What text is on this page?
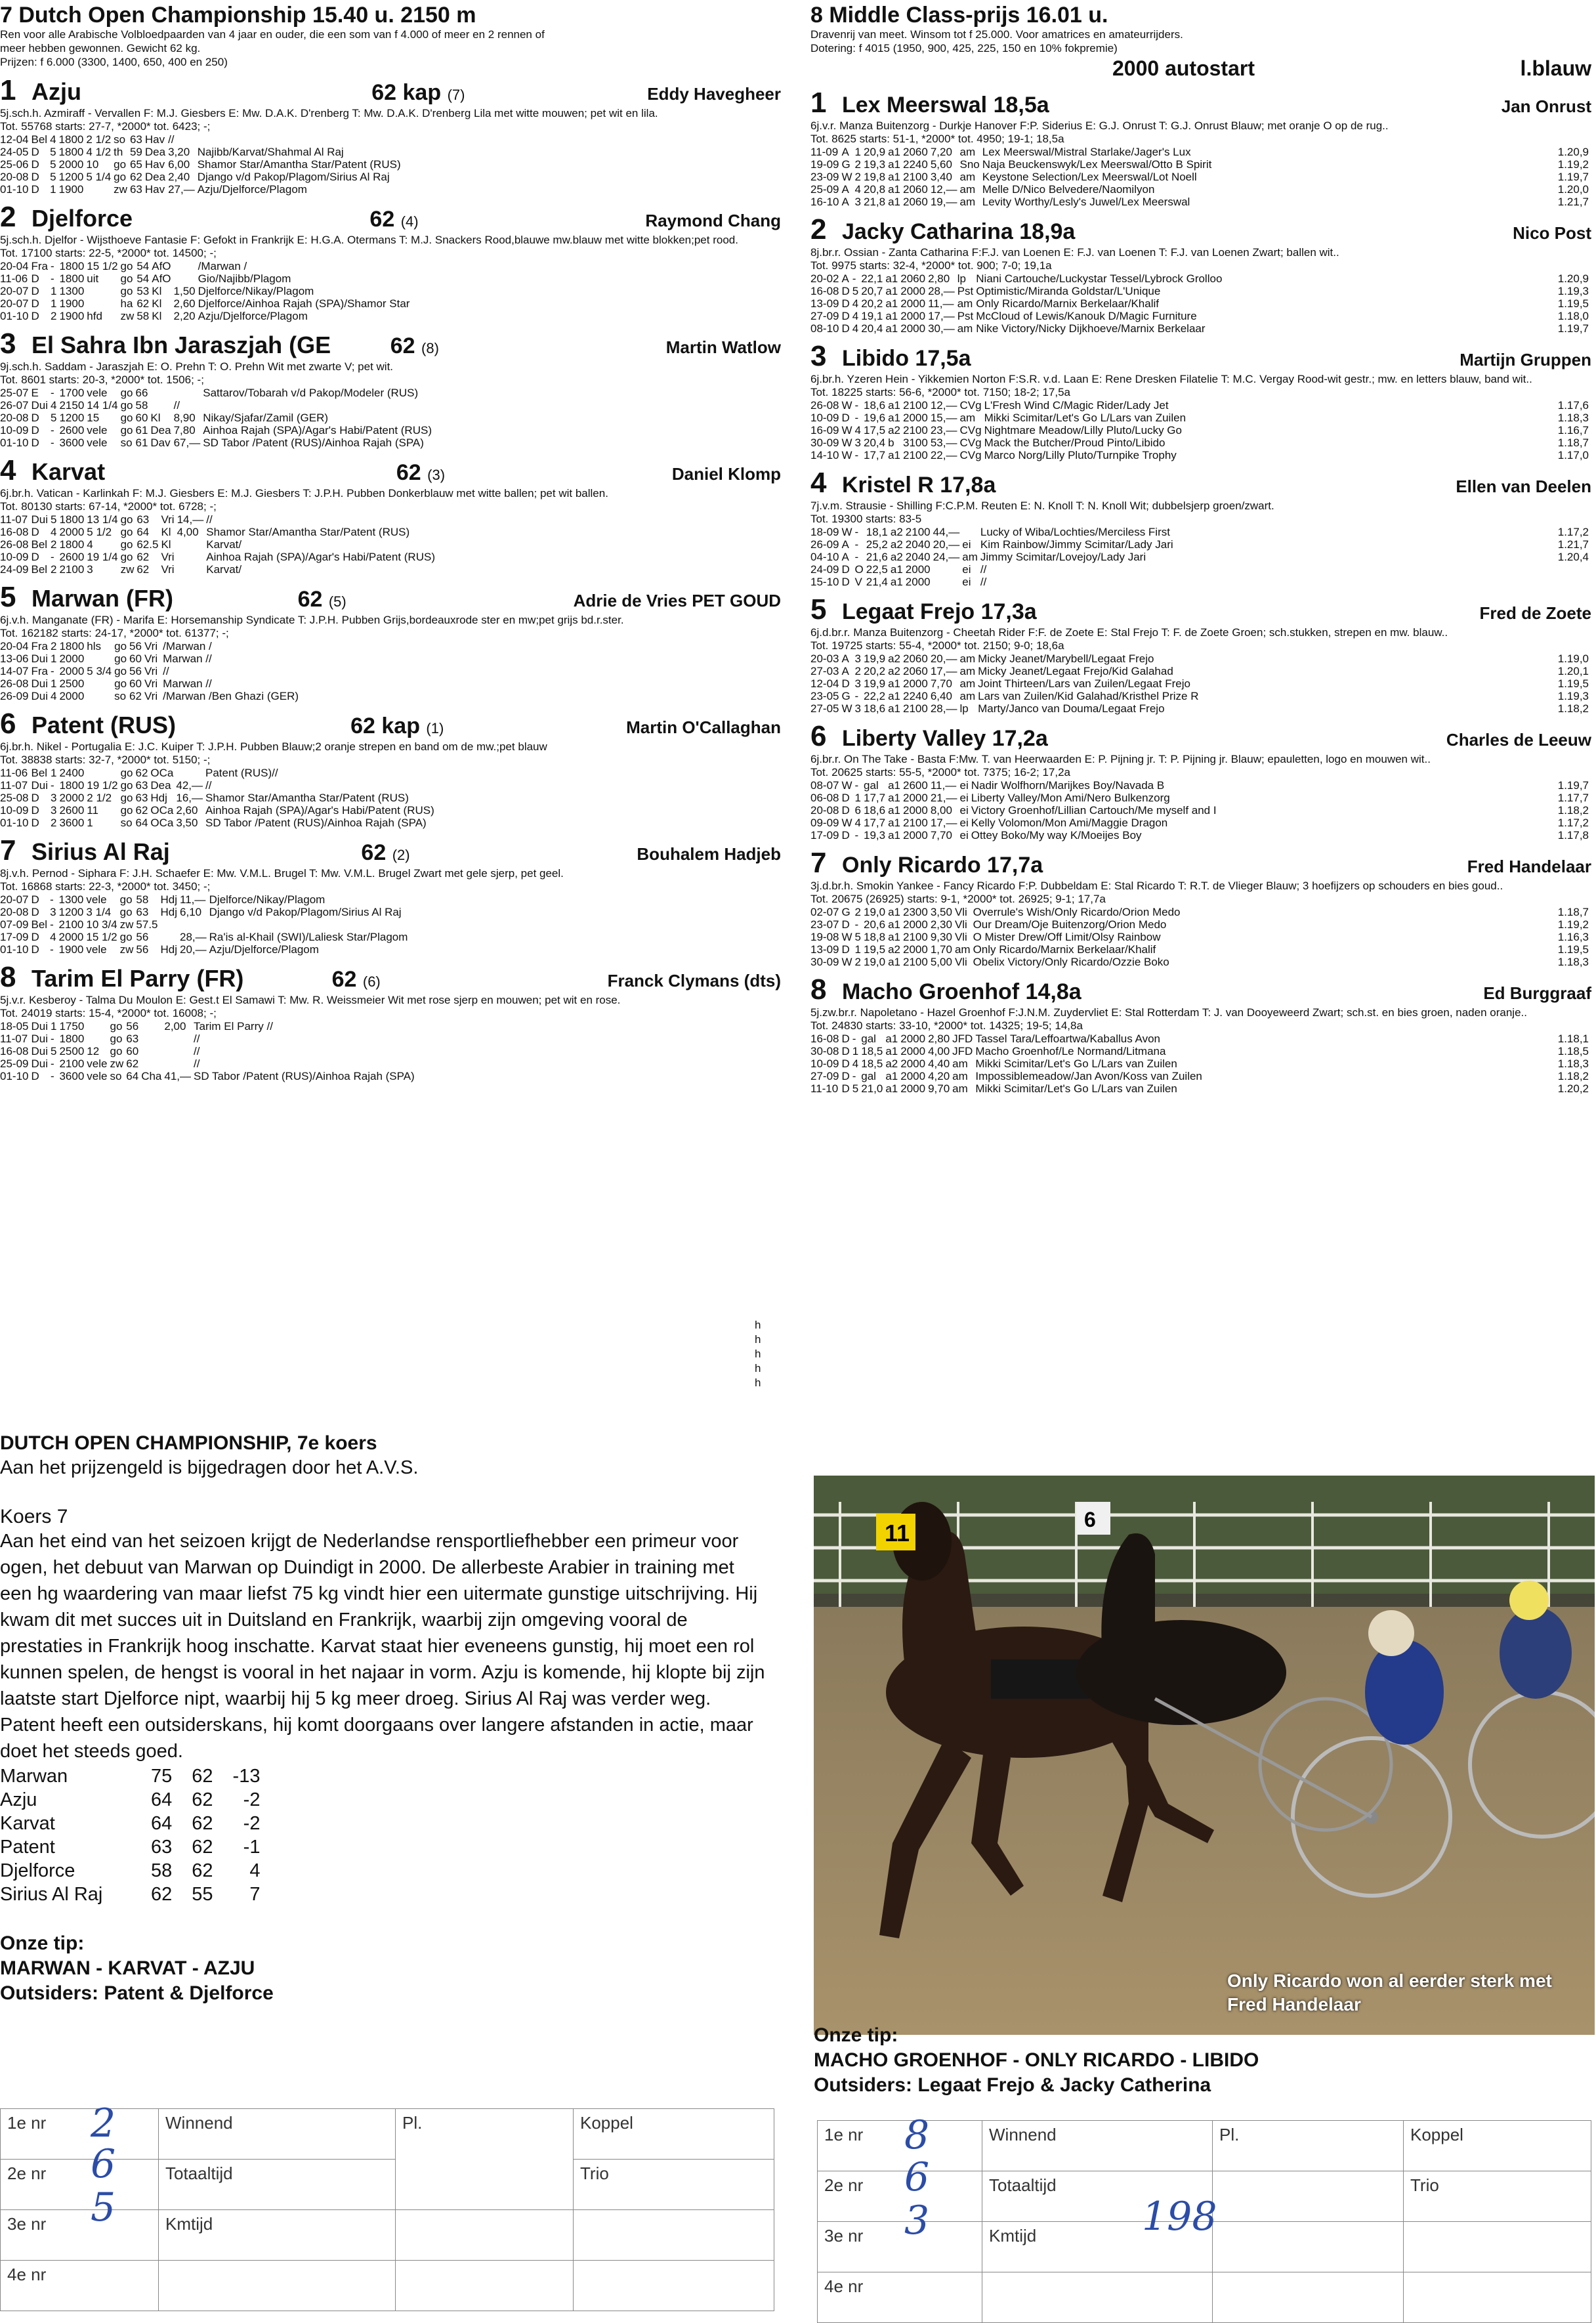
7 Dutch Open Championship 15.40 u. 2150 m
Ren voor alle Arabische Volbloedpaarden van 4 jaar en ouder, die een som van f 4.000 of meer en 2 rennen of
meer hebben gewonnen. Gewicht 62 kg.
Prijzen: f 6.000 (3300, 1400, 650, 400 en 250)
1 Azju	62 kap (7)	Eddy Havegheer
5j.sch.h. Azmiraff - Vervallen F: M.J. Giesbers E: Mw. D.A.K. D'renberg T: Mw. D.A.K. D'renberg Lila met witte mouwen; pet wit en lila.
Tot. 55768 starts: 27-7, *2000* tot. 6423; -;
12-04	Bel	4	1800	2 1/2	so	63	Hav	//	
24-05	D	5	1800	4 1/2	th	59	Dea	3,20	Najibb/Karvat/Shahmal Al Raj
25-06	D	5	2000	10	go	65	Hav	6,00	Shamor Star/Amantha Star/Patent (RUS)
20-08	D	5	1200	5 1/4	go	62	Dea	2,40	Django v/d Pakop/Plagom/Sirius Al Raj
01-10	D	1	1900		zw	63	Hav	27,—	Azju/Djelforce/Plagom
2 Djelforce	62 (4)	Raymond Chang
5j.sch.h. Djelfor - Wijsthoeve Fantasie F: Gefokt in Frankrijk E: H.G.A. Otermans T: M.J. Snackers Rood,blauwe mw.blauw met witte blokken;pet rood.
Tot. 17100 starts: 22-5, *2000* tot. 14500; -;
20-04	Fra	-	1800	15 1/2	go	54	AfO		/Marwan /
11-06	D	-	1800	uit	go	54	AfO		Gio/Najibb/Plagom
20-07	D	1	1300		go	53	Kl	1,50	Djelforce/Nikay/Plagom
20-07	D	1	1900		ha	62	Kl	2,60	Djelforce/Ainhoa Rajah (SPA)/Shamor Star
01-10	D	2	1900	hfd	zw	58	Kl	2,20	Azju/Djelforce/Plagom
3 El Sahra Ibn Jaraszjah (GE	62 (8)	Martin Watlow
9j.sch.h. Saddam - Jaraszjah E: O. Prehn T: O. Prehn Wit met zwarte V; pet wit.
Tot. 8601 starts: 20-3, *2000* tot. 1506; -;
25-07	E	-	1700	vele	go	66			Sattarov/Tobarah v/d Pakop/Modeler (RUS)
26-07	Dui	4	2150	14 1/4	go	58		//	
20-08	D	5	1200	15	go	60	Kl	8,90	Nikay/Sjafar/Zamil (GER)
10-09	D	-	2600	vele	go	61	Dea	7,80	Ainhoa Rajah (SPA)/Agar's Habi/Patent (RUS)
01-10	D	-	3600	vele	so	61	Dav	67,—	SD Tabor /Patent (RUS)/Ainhoa Rajah (SPA)
4 Karvat	62 (3)	Daniel Klomp
6j.br.h. Vatican - Karlinkah F: M.J. Giesbers E: M.J. Giesbers T: J.P.H. Pubben Donkerblauw met witte ballen; pet wit ballen.
Tot. 80130 starts: 67-14, *2000* tot. 6728; -;
11-07	Dui	5	1800	13 1/4	go	63	Vri	14,—	//
16-08	D	4	2000	5 1/2	go	64	Kl	4,00	Shamor Star/Amantha Star/Patent (RUS)
26-08	Bel	2	1800	4	go	62.5	Kl		Karvat/
10-09	D	-	2600	19 1/4	go	62	Vri		Ainhoa Rajah (SPA)/Agar's Habi/Patent (RUS)
24-09	Bel	2	2100	3	zw	62	Vri		Karvat/
5 Marwan (FR)	62 (5)	Adrie de Vries PET GOUD
6j.v.h. Manganate (FR) - Marifa E: Horsemanship Syndicate T: J.P.H. Pubben Grijs,bordeauxrode ster en mw;pet grijs bd.r.ster.
Tot. 162182 starts: 24-17, *2000* tot. 61377; -;
20-04	Fra	2	1800	hls	go	56	Vri		/Marwan /
13-06	Dui	1	2000		go	60	Vri		Marwan //
14-07	Fra	-	2000	5 3/4	go	56	Vri		//
26-08	Dui	1	2500		go	60	Vri		Marwan //
26-09	Dui	4	2000		so	62	Vri		/Marwan /Ben Ghazi (GER)
6 Patent (RUS)	62 kap (1)	Martin O'Callaghan
6j.br.h. Nikel - Portugalia E: J.C. Kuiper T: J.P.H. Pubben Blauw;2 oranje strepen en band om de mw.;pet blauw
Tot. 38838 starts: 32-7, *2000* tot. 5150; -;
11-06	Bel	1	2400		go	62	OCa		Patent (RUS)//
11-07	Dui	-	1800	19 1/2	go	63	Dea	42,—	//
25-08	D	3	2000	2 1/2	go	63	Hdj	16,—	Shamor Star/Amantha Star/Patent (RUS)
10-09	D	3	2600	11	go	62	OCa	2,60	Ainhoa Rajah (SPA)/Agar's Habi/Patent (RUS)
01-10	D	2	3600	1	so	64	OCa	3,50	SD Tabor /Patent (RUS)/Ainhoa Rajah (SPA)
7 Sirius Al Raj	62 (2)	Bouhalem Hadjeb
8j.v.h. Pernod - Siphara F: J.H. Schaefer E: Mw. V.M.L. Brugel T: Mw. V.M.L. Brugel Zwart met gele sjerp, pet geel.
Tot. 16868 starts: 22-3, *2000* tot. 3450; -;
20-07	D	-	1300	vele	go	58	Hdj	11,—	Djelforce/Nikay/Plagom
20-08	D	3	1200	3 1/4	go	63	Hdj	6,10	Django v/d Pakop/Plagom/Sirius Al Raj
07-09	Bel	-	2100	10 3/4	zw	57.5			
17-09	D	4	2000	15 1/2	go	56		28,—	Ra'is al-Khail (SWI)/Laliesk Star/Plagom
01-10	D	-	1900	vele	zw	56	Hdj	20,—	Azju/Djelforce/Plagom
8 Tarim El Parry (FR)	62 (6)	Franck Clymans (dts)
5j.v.r. Kesberoy - Talma Du Moulon E: Gest.t El Samawi T: Mw. R. Weissmeier Wit met rose sjerp en mouwen; pet wit en rose.
Tot. 24019 starts: 15-4, *2000* tot. 16008; -;
18-05	Dui	1	1750		go	56		2,00	Tarim El Parry //
11-07	Dui	-	1800		go	63			//
16-08	Dui	5	2500	12	go	60			//
25-09	Dui	-	2100	vele	zw	62			//
01-10	D	-	3600	vele	so	64	Cha	41,—	SD Tabor /Patent (RUS)/Ainhoa Rajah (SPA)
h
h
h
h
h
DUTCH OPEN CHAMPIONSHIP, 7e koers
Aan het prijzengeld is bijgedragen door het A.V.S.
Koers 7
Aan het eind van het seizoen krijgt de Nederlandse rensportliefhebber een primeur voor ogen, het debuut van Marwan op Duindigt in 2000. De allerbeste Arabier in training met een hg waardering van maar liefst 75 kg vindt hier een uitermate gunstige uitschrijving. Hij kwam dit met succes uit in Duitsland en Frankrijk, waarbij zijn omgeving vooral de prestaties in Frankrijk hoog inschatte. Karvat staat hier eveneens gunstig, hij moet een rol kunnen spelen, de hengst is vooral in het najaar in vorm. Azju is komende, hij klopte bij zijn laatste start Djelforce nipt, waarbij hij 5 kg meer droeg. Sirius Al Raj was verder weg. Patent heeft een outsiderskans, hij komt doorgaans over langere afstanden in actie, maar doet het steeds goed.
Marwan	75	62	-13
Azju	64	62	-2
Karvat	64	62	-2
Patent	63	62	-1
Djelforce	58	62	4
Sirius Al Raj	62	55	7
Onze tip:
MARWAN - KARVAT - AZJU
Outsiders: Patent & Djelforce
1e nr	Winnend	Pl.	Koppel
2e nr	Totaaltijd		Trio
3e nr	Kmtijd		
4e nr			
2
6
5
8 Middle Class-prijs 16.01 u.
Dravenrij van meet. Winsom tot f 25.000. Voor amatrices en amateurrijders.
Dotering: f 4015 (1950, 900, 425, 225, 150 en 10% fokpremie)
2000 autostart	l.blauw
1 Lex Meerswal 18,5a	Jan Onrust
6j.v.r. Manza Buitenzorg - Durkje Hanover F:P. Siderius E: G.J. Onrust T: G.J. Onrust Blauw; met oranje O op de rug..
Tot. 8625 starts: 51-1, *2000* tot. 4950; 19-1; 18,5a
11-09	A	1	20,9	a1	2060	7,20	am	Lex Meerswal/Mistral Starlake/Jager's Lux	1.20,9
19-09	G	2	19,3	a1	2240	5,60	Sno	Naja Beuckenswyk/Lex Meerswal/Otto B Spirit	1.19,2
23-09	W	2	19,8	a1	2100	3,40	am	Keystone Selection/Lex Meerswal/Lot Noell	1.19,7
25-09	A	4	20,8	a1	2060	12,—	am	Melle D/Nico Belvedere/Naomilyon	1.20,0
16-10	A	3	21,8	a1	2060	19,—	am	Levity Worthy/Lesly's Juwel/Lex Meerswal	1.21,7
2 Jacky Catharina 18,9a	Nico Post
8j.br.r. Ossian - Zanta Catharina F:F.J. van Loenen E: F.J. van Loenen T: F.J. van Loenen Zwart; ballen wit..
Tot. 9975 starts: 32-4, *2000* tot. 900; 7-0; 19,1a
20-02	A	-	22,1	a1	2060	2,80	lp	Niani Cartouche/Luckystar Tessel/Lybrock Grolloo	1.20,9
16-08	D	5	20,7	a1	2000	28,—	Pst	Optimistic/Miranda Goldstar/L'Unique	1.19,3
13-09	D	4	20,2	a1	2000	11,—	am	Only Ricardo/Marnix Berkelaar/Khalif	1.19,5
27-09	D	4	19,1	a1	2000	17,—	Pst	McCloud of Lewis/Kanouk D/Magic Furniture	1.18,0
08-10	D	4	20,4	a1	2000	30,—	am	Nike Victory/Nicky Dijkhoeve/Marnix Berkelaar	1.19,7
3 Libido 17,5a	Martijn Gruppen
6j.br.h. Yzeren Hein - Yikkemien Norton F:S.R. v.d. Laan E: Rene Dresken Filatelie T: M.C. Vergay Rood-wit gestr.; mw. en letters blauw, band wit..
Tot. 18225 starts: 56-6, *2000* tot. 7150; 18-2; 17,5a
26-08	W	-	18,6	a1	2100	12,—	CVg	L'Fresh Wind C/Magic Rider/Lady Jet	1.17,6
10-09	D	-	19,6	a1	2000	15,—	am	Mikki Scimitar/Let's Go L/Lars van Zuilen	1.18,3
16-09	W	4	17,5	a2	2100	23,—	CVg	Nightmare Meadow/Lilly Pluto/Lucky Go	1.16,7
30-09	W	3	20,4	b	3100	53,—	CVg	Mack the Butcher/Proud Pinto/Libido	1.18,7
14-10	W	-	17,7	a1	2100	22,—	CVg	Marco Norg/Lilly Pluto/Turnpike Trophy	1.17,0
4 Kristel R 17,8a	Ellen van Deelen
7j.v.m. Strausie - Shilling F:C.P.M. Reuten E: N. Knoll T: N. Knoll Wit; dubbelsjerp groen/zwart.
Tot. 19300 starts: 83-5
18-09	W	-	18,1	a2	2100	44,—		Lucky of Wiba/Lochties/Merciless First	1.17,2
26-09	A	-	25,2	a2	2040	20,—	ei	Kim Rainbow/Jimmy Scimitar/Lady Jari	1.21,7
04-10	A	-	21,6	a2	2040	24,—	am	Jimmy Scimitar/Lovejoy/Lady Jari	1.20,4
24-09	D	O	22,5	a1	2000		ei	//	
15-10	D	V	21,4	a1	2000		ei	//	
5 Legaat Frejo 17,3a	Fred de Zoete
6j.d.br.r. Manza Buitenzorg - Cheetah Rider F:F. de Zoete E: Stal Frejo T: F. de Zoete Groen; sch.stukken, strepen en mw. blauw..
Tot. 19725 starts: 55-4, *2000* tot. 2150; 9-0; 18,6a
20-03	A	3	19,9	a2	2060	20,—	am	Micky Jeanet/Marybell/Legaat Frejo	1.19,0
27-03	A	2	20,2	a2	2060	17,—	am	Micky Jeanet/Legaat Frejo/Kid Galahad	1.20,1
12-04	D	3	19,9	a1	2000	7,70	am	Joint Thirteen/Lars van Zuilen/Legaat Frejo	1.19,5
23-05	G	-	22,2	a1	2240	6,40	am	Lars van Zuilen/Kid Galahad/Kristhel Prize R	1.19,3
27-05	W	3	18,6	a1	2100	28,—	lp	Marty/Janco van Douma/Legaat Frejo	1.18,2
6 Liberty Valley 17,2a	Charles de Leeuw
6j.br.r. On The Take - Basta F:Mw. T. van Heerwaarden E: P. Pijning jr. T: P. Pijning jr. Blauw; epauletten, logo en mouwen wit..
Tot. 20625 starts: 55-5, *2000* tot. 7375; 16-2; 17,2a
08-07	W	-	gal	a1	2600	11,—	ei	Nadir Wolfhorn/Marijkes Boy/Navada B	1.19,7
06-08	D	1	17,7	a1	2000	21,—	ei	Liberty Valley/Mon Ami/Nero Bulkenzorg	1.17,7
20-08	D	6	18,6	a1	2000	8,00	ei	Victory Groenhof/Lillian Cartouch/Me myself and I	1.18,2
09-09	W	4	17,7	a1	2100	17,—	ei	Kelly Volomon/Mon Ami/Maggie Dragon	1.17,2
17-09	D	-	19,3	a1	2000	7,70	ei	Ottey Boko/My way K/Moeijes Boy	1.17,8
7 Only Ricardo 17,7a	Fred Handelaar
3j.d.br.h. Smokin Yankee - Fancy Ricardo F:P. Dubbeldam E: Stal Ricardo T: R.T. de Vlieger Blauw; 3 hoefijzers op schouders en bies goud..
Tot. 20675 (26925) starts: 9-1, *2000* tot. 26925; 9-1; 17,7a
02-07	G	2	19,0	a1	2300	3,50	Vli	Overrule's Wish/Only Ricardo/Orion Medo	1.18,7
23-07	D	-	20,6	a1	2000	2,30	Vli	Our Dream/Oje Buitenzorg/Orion Medo	1.19,2
19-08	W	5	18,8	a1	2100	9,30	Vli	O Mister Drew/Off Limit/Olsy Rainbow	1.16,3
13-09	D	1	19,5	a2	2000	1,70	am	Only Ricardo/Marnix Berkelaar/Khalif	1.19,5
30-09	W	2	19,0	a1	2100	5,00	Vli	Obelix Victory/Only Ricardo/Ozzie Boko	1.18,3
8 Macho Groenhof 14,8a	Ed Burggraaf
5j.zw.br.r. Napoletano - Hazel Groenhof F:J.N.M. Zuydervliet E: Stal Rotterdam T: J. van Dooyeweerd Zwart; sch.st. en bies groen, naden oranje..
Tot. 24830 starts: 33-10, *2000* tot. 14325; 19-5; 14,8a
16-08	D	-	gal	a1	2000	2,80	JFD	Tassel Tara/Leffoartwa/Kaballus Avon	1.18,1
30-08	D	1	18,5	a1	2000	4,00	JFD	Macho Groenhof/Le Normand/Litmana	1.18,5
10-09	D	4	18,5	a2	2000	4,40	am	Mikki Scimitar/Let's Go L/Lars van Zuilen	1.18,3
27-09	D	-	gal	a1	2000	4,20	am	Impossiblemeadow/Jan Avon/Koss van Zuilen	1.18,2
11-10	D	5	21,0	a1	2000	9,70	am	Mikki Scimitar/Let's Go L/Lars van Zuilen	1.20,2
11	6
Only Ricardo won al eerder sterk met Fred Handelaar
Onze tip:
MACHO GROENHOF - ONLY RICARDO - LIBIDO
Outsiders: Legaat Frejo & Jacky Catherina
1e nr	Winnend	Pl.	Koppel
2e nr	Totaaltijd		Trio
3e nr	Kmtijd		
4e nr			
8
6
3	198
